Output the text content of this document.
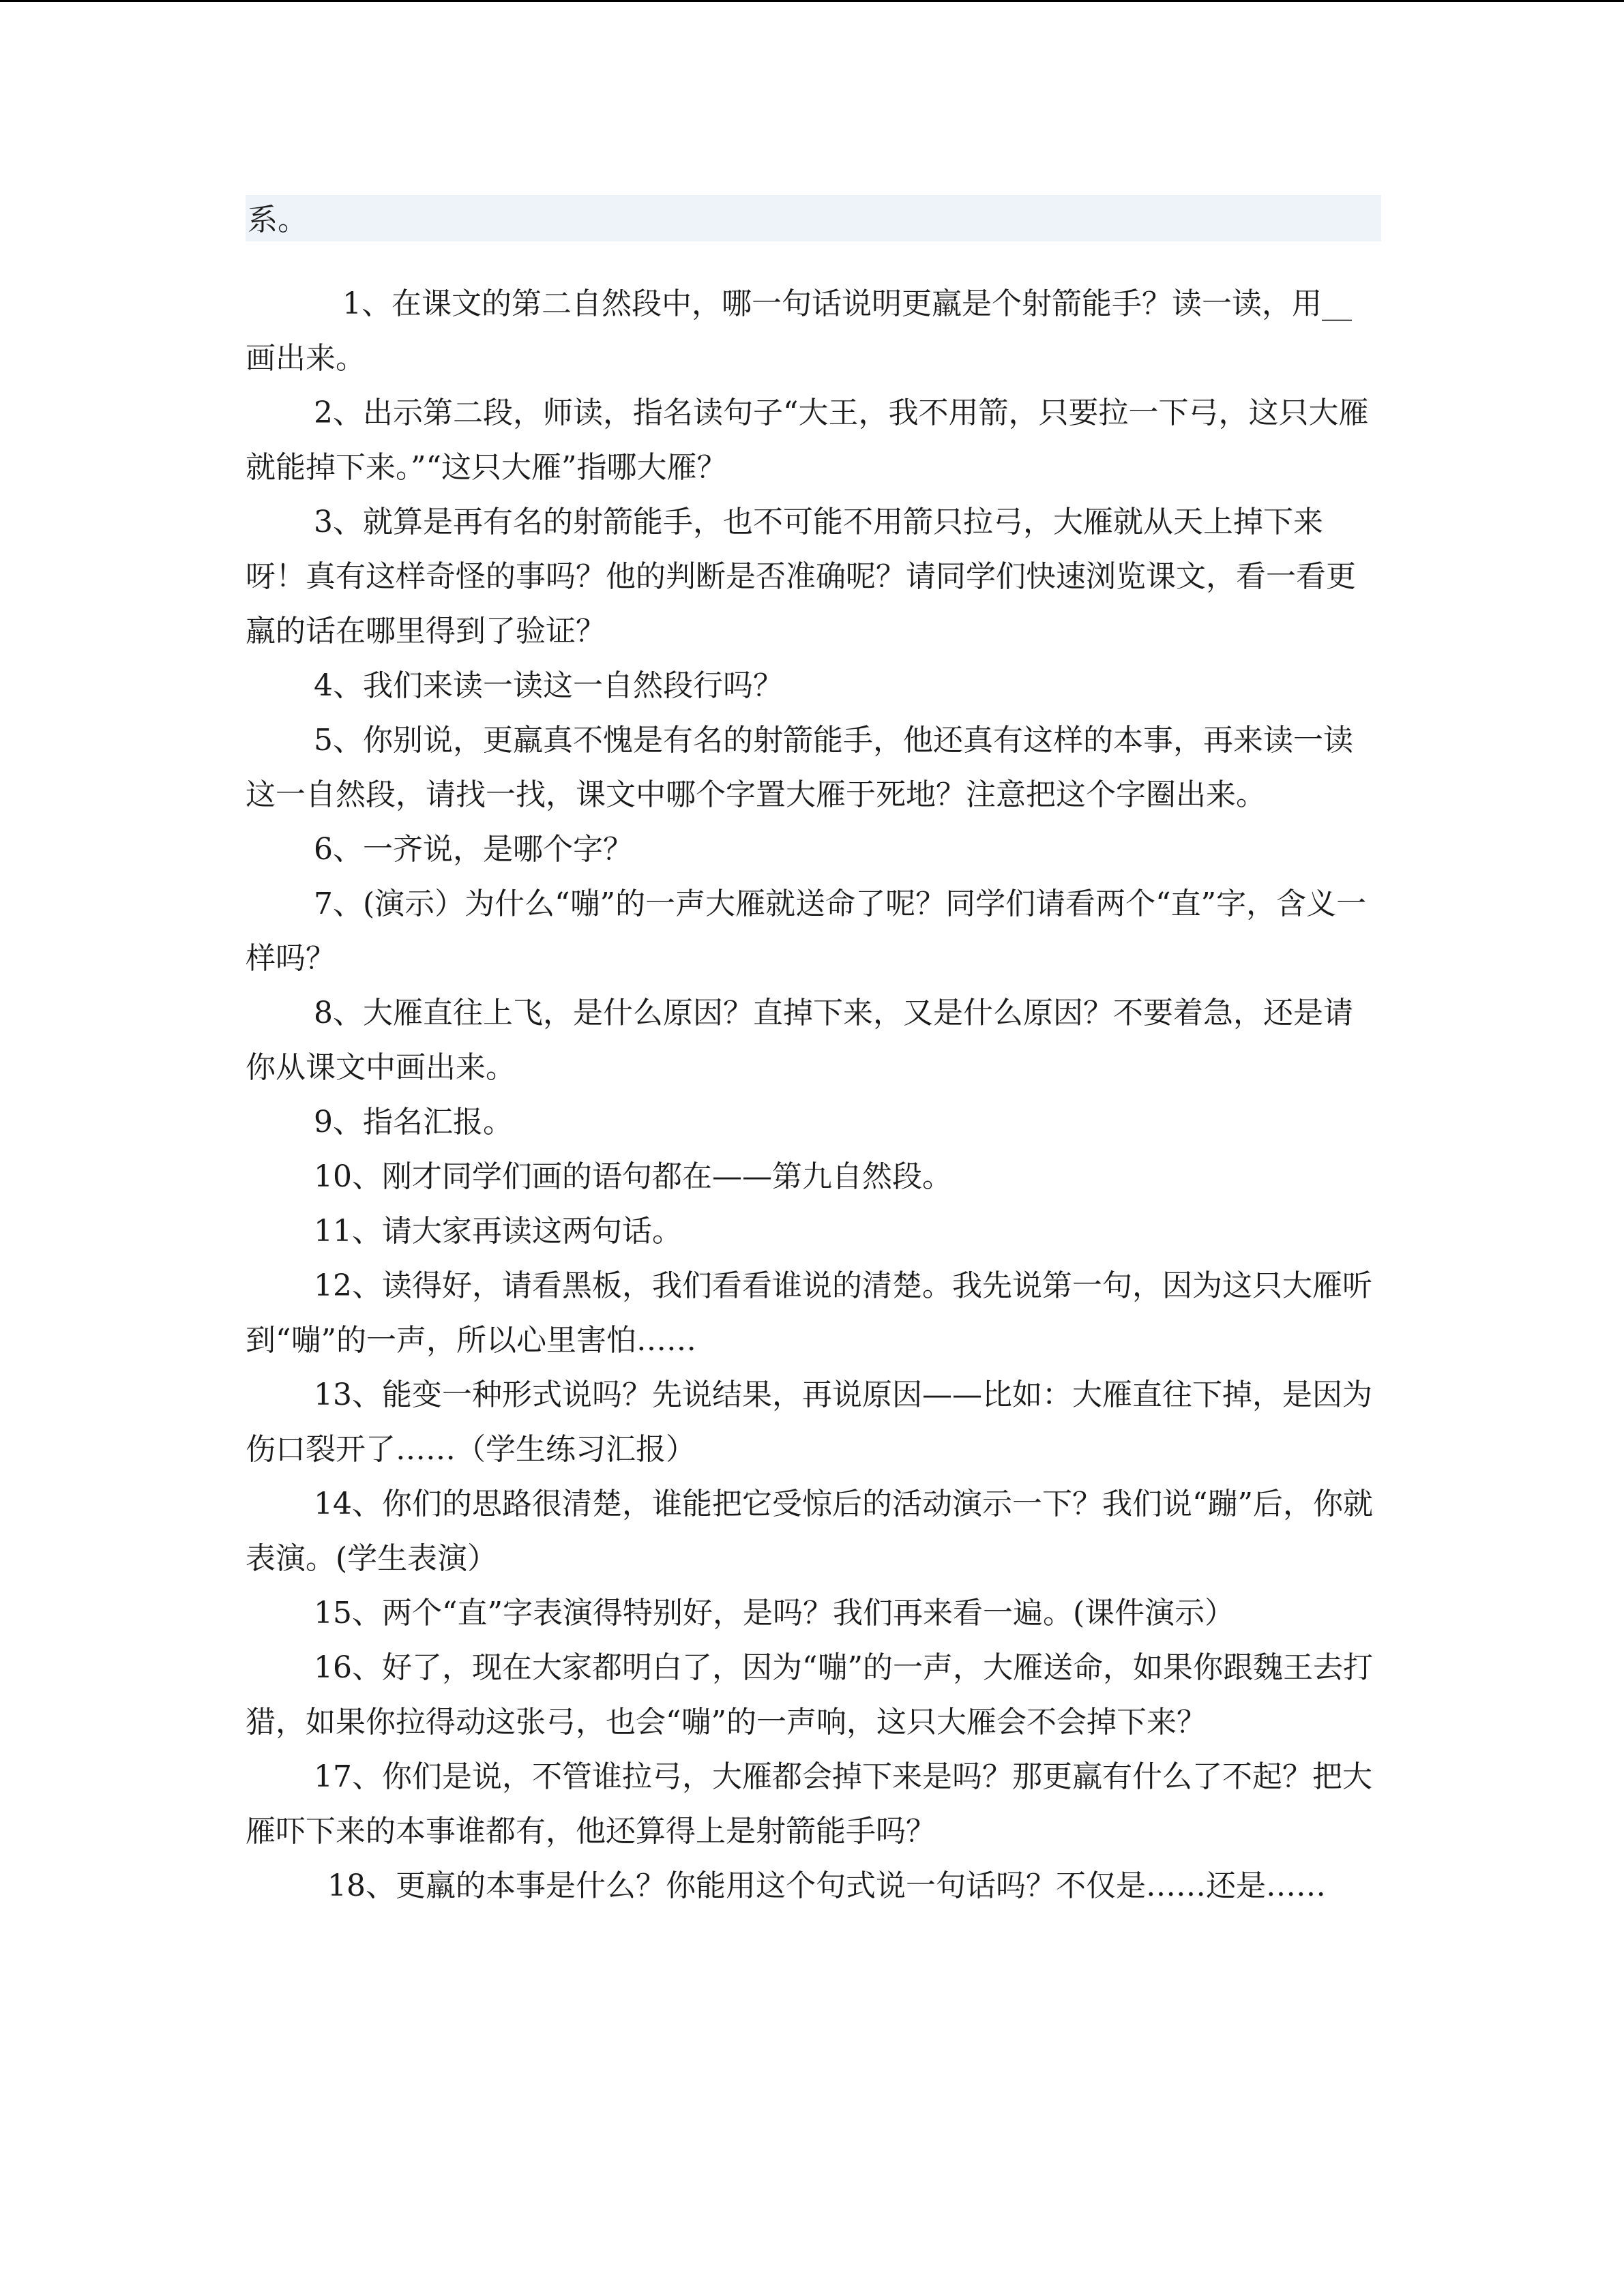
系。

1、在课文的第二自然段中，哪一句话说明更羸是个射箭能手？读一读，用__画出来。

2、出示第二段，师读，指名读句子“大王，我不用箭，只要拉一下弓，这只大雁就能掉下来。”“这只大雁”指哪大雁？

3、就算是再有名的射箭能手，也不可能不用箭只拉弓，大雁就从天上掉下来呀！真有这样奇怪的事吗？他的判断是否准确呢？请同学们快速浏览课文，看一看更羸的话在哪里得到了验证？

4、我们来读一读这一自然段行吗？

5、你别说，更羸真不愧是有名的射箭能手，他还真有这样的本事，再来读一读这一自然段，请找一找，课文中哪个字置大雁于死地？注意把这个字圈出来。

6、一齐说，是哪个字？

7、(演示）为什么“嘣”的一声大雁就送命了呢？同学们请看两个“直”字，含义一样吗？

8、大雁直往上飞，是什么原因？直掉下来，又是什么原因？不要着急，还是请你从课文中画出来。

9、指名汇报。

10、刚才同学们画的语句都在——第九自然段。

11、请大家再读这两句话。

12、读得好，请看黑板，我们看看谁说的清楚。我先说第一句，因为这只大雁听到“嘣”的一声，所以心里害怕……

13、能变一种形式说吗？先说结果，再说原因——比如：大雁直往下掉，是因为伤口裂开了……（学生练习汇报）

14、你们的思路很清楚，谁能把它受惊后的活动演示一下？我们说“蹦”后，你就表演。(学生表演）

15、两个“直”字表演得特别好，是吗？我们再来看一遍。(课件演示）

16、好了，现在大家都明白了，因为“嘣”的一声，大雁送命，如果你跟魏王去打猎，如果你拉得动这张弓，也会“嘣”的一声响，这只大雁会不会掉下来？

17、你们是说，不管谁拉弓，大雁都会掉下来是吗？那更羸有什么了不起？把大雁吓下来的本事谁都有，他还算得上是射箭能手吗？

18、更羸的本事是什么？你能用这个句式说一句话吗？不仅是……还是……
